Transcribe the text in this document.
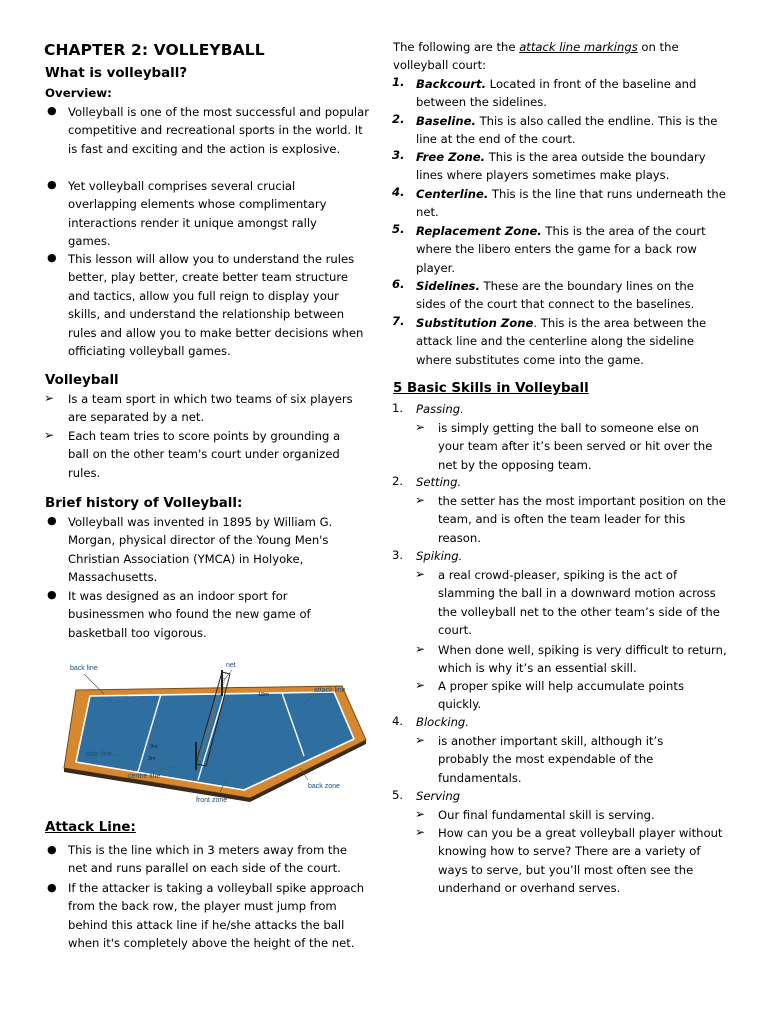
CHAPTER 2: VOLLEYBALL
What is volleyball?
Overview:
● Volleyball is one of the most successful and popular competitive and recreational sports in the world. It is fast and exciting and the action is explosive.
● Yet volleyball comprises several crucial overlapping elements whose complimentary interactions render it unique amongst rally games.
● This lesson will allow you to understand the rules better, play better, create better team structure and tactics, allow you full reign to display your skills, and understand the relationship between rules and allow you to make better decisions when officiating volleyball games.
Volleyball
➢ Is a team sport in which two teams of six players are separated by a net.
➢ Each team tries to score points by grounding a ball on the other team's court under organized rules.
Brief history of Volleyball:
● Volleyball was invented in 1895 by William G. Morgan, physical director of the Young Men's Christian Association (YMCA) in Holyoke, Massachusetts.
● It was designed as an indoor sport for businessmen who found the new game of basketball too vigorous.
back line	net
attack line
side line
centre line
front zone
back zone
18m
9m
3m
Attack Line:
● This is the line which in 3 meters away from the net and runs parallel on each side of the court.
● If the attacker is taking a volleyball spike approach from the back row, the player must jump from behind this attack line if he/she attacks the ball when it's completely above the height of the net.
The following are the attack line markings on the volleyball court:
1. Backcourt. Located in front of the baseline and between the sidelines.
2. Baseline. This is also called the endline. This is the line at the end of the court.
3. Free Zone. This is the area outside the boundary lines where players sometimes make plays.
4. Centerline. This is the line that runs underneath the net.
5. Replacement Zone. This is the area of the court where the libero enters the game for a back row player.
6. Sidelines. These are the boundary lines on the sides of the court that connect to the baselines.
7. Substitution Zone. This is the area between the attack line and the centerline along the sideline where substitutes come into the game.
5 Basic Skills in Volleyball
1. Passing.
➢ is simply getting the ball to someone else on your team after it’s been served or hit over the net by the opposing team.
2. Setting.
➢ the setter has the most important position on the team, and is often the team leader for this reason.
3. Spiking.
➢ a real crowd-pleaser, spiking is the act of slamming the ball in a downward motion across the volleyball net to the other team’s side of the court.
➢ When done well, spiking is very difficult to return, which is why it’s an essential skill.
➢ A proper spike will help accumulate points quickly.
4. Blocking.
➢ is another important skill, although it’s probably the most expendable of the fundamentals.
5. Serving
➢ Our final fundamental skill is serving.
➢ How can you be a great volleyball player without knowing how to serve? There are a variety of ways to serve, but you’ll most often see the underhand or overhand serves.
